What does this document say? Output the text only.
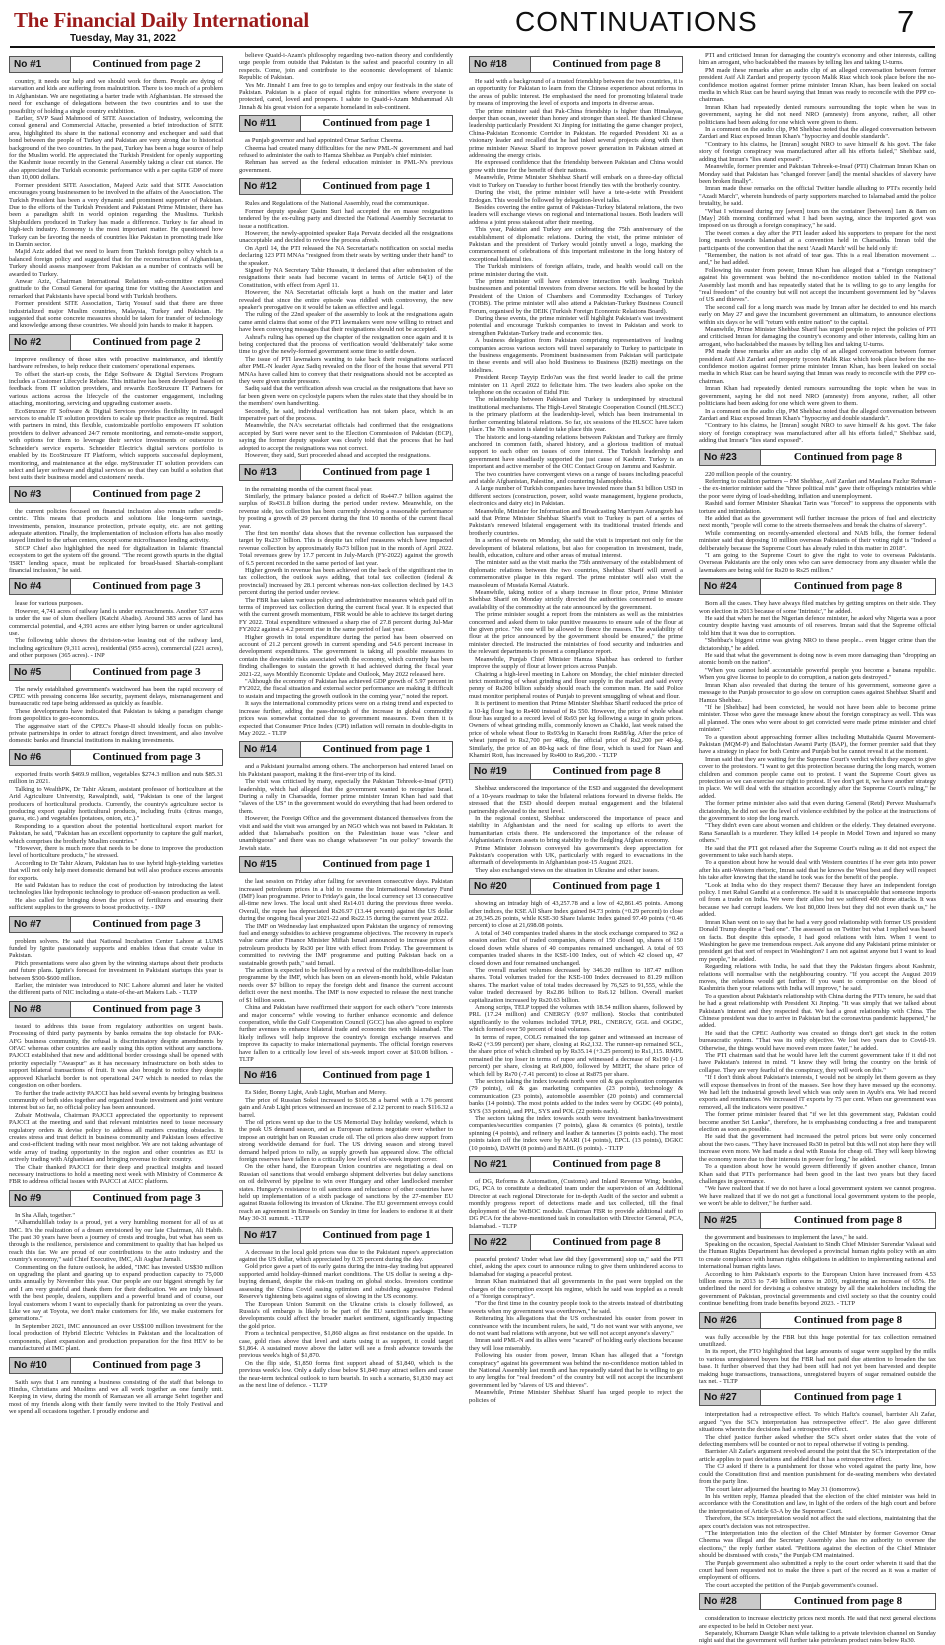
The Financial Daily International
Tuesday, May 31, 2022
CONTINUATIONS	7
No #1	Continued from page 2

country, it needs our help and we should work for them. People are dying of starvation and kids are suffering from malnutrition. There is too much of a problem in Afghanistan. We are negotiating a barter trade with Afghanistan. He stressed the need for exchange of delegations between the two countries and to use the possibility of holding a single country exhibition.

Earlier, SVP Saad Mahmood of SITE Association of Industry, welcoming the consul general and Commercial Attache, presented a brief introduction of SITE area, highlighted its share in the national economy and exchequer and said that bond between the people of Turkey and Pakistan are very strong due to historical background of the two countries. In the past, Turkey has been a huge source of help for the Muslim world. He appreciated the Turkish President for openly supporting the Kashmir issue recently in the General Assembly taking a clear cut stance. He also appreciated the Turkish economic performance with a per capita GDP of more than 10,000 dollars.

Former president SITE Association, Majeed Aziz said that SITE Association encourages young businessmen to be involved in the affairs of the Association. The Turkish President has been a very dynamic and prominent supporter of Pakistan. Due to the efforts of the Turkish President and Pakistani Prime Minister, there has been a paradigm shift in world opinion regarding the Muslims. Turkish Shipbuilders produced in Turkey has made a difference. Turkey is far ahead in high-tech industry. Economy is the most important matter. He questioned how Turkey can be favoring the needs of countries like Pakistan in promoting trade like in Damin sector.

Majid Aziz added that we need to learn from Turkish foreign policy which is a balanced foreign policy and suggested that for the reconstruction of Afghanistan, Turkey should assess manpower from Pakistan as a number of contracts will be awarded to Turkey.

Anwar Aziz, Chairman International Relations sub-committee expressed gratitude to the Consul General for sparing time for visiting the Association and remarked that Pakistanis have special bond with Turkish brothers.

Former president SITE Association, Tariq Yousuf said that there are three industrialized major Muslim countries, Malaysia, Turkey and Pakistan. He suggested that some concrete measures should be taken for transfer of technology and knowledge among these countries. We should join hands to make it happen.

No #2	Continued from page 2

improve resiliency of those sites with proactive maintenance, and identify hardware refreshes, to help reduce their customers' operational expenses.

To offset the start-up costs, the Edge Software & Digital Services Program includes a Customer Lifecycle Rebate. This initiative has been developed based on feedback from IT solution providers, and rewards EcoStruxure IT Partners for various actions across the lifecycle of the customer engagement, including attaching, monitoring, servicing and upgrading customer assets.

EcoStruxure IT Software & Digital Services provides flexibility in managed services to enable IT solution providers to scale up their practice as required. Built with partners in mind, this flexible, customizable portfolio empowers IT solution providers to deliver advanced 24/7 remote monitoring, and remote-onsite support, with options for them to leverage their service investments or outsource to Schneider's service experts. Schneider Electric's digital services portfolio is enabled by its EcoStruxure IT Platform, which supports successful deployment, monitoring, and maintenance at the edge. myStruxuder IT solution providers can select and layer software and digital services so that they can build a solution that best suits their business model and customers' needs.

No #3	Continued from page 2

the current policies focused on financial inclusion also remain rather credit-centric. This means that products and solutions like long-term savings, investments, pension, insurance protection, private equity, etc. are not getting adequate attention. Finally, the implementation of inclusion efforts has also mostly stayed limited to the urban centers, except some microfinance lending activity.

SECP Chief also highlighted the need for digitalization in Islamic financial ecosystem to get the system off the ground. "The recent growth spurts in the digital 'ISRT' lending space, must be replicated for broad-based Shariah-compliant financial inclusion," he said.

No #4	Continued from page 3

lease for various purposes.

However, 4,741 acres of railway land is under encroachments. Another 537 acres is under the use of slum dwellers (Katchi Abadis). Around 383 acres of land has commercial potential, and 4,391 acres are either lying barren or under agricultural use.

The following table shows the division-wise leasing out of the railway land, including agriculture (9,311 acres), residential (955 acres), commercial (221 acres), and other purposes (365 acres). - INP

No #5	Continued from page 3

The newly established government's watchword has been the rapid recovery of CPEC with pressing concerns like security, payment delays, mismanagement and bureaucratic red tape being addressed as quickly as feasible.

These developments have indicated that Pakistan is taking a paradigm change from geopolitics to geo-economics.

The aggressive start of the CPEC's Phase-II should ideally focus on public-private partnerships in order to attract foreign direct investment, and also involve domestic banks and financial institutions in making investments.

No #6	Continued from page 3

exported fruits worth $469.9 million, vegetables $274.3 million and nuts $85.31 million in 2021.

Talking to WealthPK, Dr Tahir Akram, assistant professor of horticulture at the Arid Agriculture University, Rawalpindi, said, "Pakistan is one of the largest producers of horticultural products. Currently, the country's agriculture sector is producing export quality horticultural products, including fruits (citrus mango, guava, etc.) and vegetables (potatoes, onion, etc.)."

Responding to a question about the potential horticultural export market for Pakistan, he said, "Pakistan has an excellent opportunity to capture the gulf market, which comprises the brotherly Muslim countries."

"However, there is much more that needs to be done to improve the production level of horticulture products," he stressed.

According to Dr Tahir Akram, Pakistan has to use hybrid high-yielding varieties that will not only help meet domestic demand but will also produce excess amounts for exports.

He said Pakistan has to reduce the cost of production by introducing the latest technologies like hydroponic technology to produce off-season production as well.

He also called for bringing down the prices of fertilizers and ensuring their sufficient supplies to the growers to boost productivity. - INP

No #7	Continued from page 3

problem solvers. He said that National Incubation Center Lahore at LUMS funded by Ignite passionately supports and enables ideas that create value in Pakistan.

Pitch presentations were also given by the winning startups about their products and future plans. Ignite's forecast for investment in Pakistani startups this year is between $500-$600 million.

Earlier, the minister was introduced to NIC Lahore alumni and later he visited the different parts of NIC including a state-of-the-art Makers Lab. - TLTP

No #8	Continued from page 3

issued to address this issue from regulatory authorities on urgent basis. Processing of third party payments by banks remains the top obstacle for PAK-AFG business community, the refusal is discriminatory despite amendments by OFAC whereas other countries are easily using this option without any sanctions. PAJCCI established that new and additional border crossings shall be opened with priority especially "Awaspur" as it has necessary infrastructure on both sides to support bilateral transactions of fruit. It was also brought to notice they despite approved Kharlachi border is not operational 24/7 which is needed to relax the congestion on other borders.

To further the trade activity PAJCCI has held several events by bringing business community of both sides together and organized trade investment and joint venture interest but so far, no official policy has been announced.

Zubair Motiwala, Chairman PAJCCI appreciated the opportunity to represent PAJCCI at the meeting and said that relevant ministries need to issue necessary regulatory orders & devise policy to address all matters creating obstacles. It creates stress and trust deficit in business community and Pakistan loses effective and cost-efficient trading with near most neighbor. We are not taking advantage of wide array of trading opportunity in the region and other countries as EU is actively trading with Afghanistan and bringing revenue to their country.

The Chair thanked PAJCCI for their deep and practical insights and issued necessary instructions to hold a meeting next week with Ministry of Commerce & FBR to address official issues with PAJCCI at AICC platform.

No #9	Continued from page 3

In Sha Allah, together."

"Alhamdulillah today is a proud, yet a very humbling moment for all of us at IMC. It's the realization of a dream envisioned by our late Chairman, Ali Habib. The past 30 years have been a journey of crests and troughs, but what has seen us through is the resilience, persistence and commitment to quality that has helped us reach this far. We are proud of our contributions to the auto industry and the country's economy," said Chief Executive, IMC, Ali Asghar Jamali.

Commenting on the future outlook, he added, "IMC has invested US$30 million on upgrading the plant and gearing up to expand production capacity to 75,000 units annually by November this year. Our people are our biggest strength by far and I am very grateful and thank them for their dedication. We are truly blessed with the best people, dealers, suppliers and a powerful brand and of course, our loyal customers whom I want to especially thank for patronizing us over the years. Like we say at Toyota, we don't make customers for life, we make customers for generations."

In September 2021, IMC announced an over US$100 million investment for the local production of Hybrid Electric Vehicles in Pakistan and the localization of components, plant expansion and production preparation for the first HEV to be manufactured at IMC plant.

No #10	Continued from page 3

Saith says that I am running a business consisting of the staff that belongs to Hindus, Christians and Muslims and we all work together as one family unit. Keeping in view, during the month of Ramazan we all arrange Sehri together and most of my friends along with their family were invited to the Holy Festival and we spend all occasions together. I proudly endorse and

believe Quaid-i-Azam's philosophy regarding two-nation theory and confidently urge people from outside that Pakistan is the safest and peaceful country in all respects. Come, join and contribute to the economic development of Islamic Republic of Pakistan.

Yes Mr. Jinnah! I am free to go to temples and enjoy our festivals in the state of Pakistan. Pakistan is a place of equal rights for minorities where everyone is protected, cared, loved and prospers. I salute to Quaid-i-Azam Muhammad Ali Jinnah & his great vision for a separate homeland in sub-continent.

No #11	Continued from page 1

as Punjab governor and had appointed Omar Sarfraz Cheema.

Cheema had created many difficulties for the new PML-N government and had refused to administer the oath to Hamza Shehbaz as Punjab's chief minister.

Rehman has served as the federal education minister in PML-N's previous government.

No #12	Continued from page 1

Rules and Regulations of the National Assembly, read the communique.

Former deputy speaker Qasim Suri had accepted the en masse resignations tendered by the ex-ruling party and directed the National Assembly Secretariat to issue a notification.

However, the newly-appointed speaker Raja Pervaiz decided all the resignations unacceptable and decided to review the process afresh.

On April 14, the PTI released the NA Secretariat's notification on social media declaring 123 PTI MNAs "resigned from their seats by writing under their hand" to the speaker.

Signed by NA Secretary Tahir Hussain, it declared that after submission of the resignations their seats had become vacant in terms of Article 64(1) of the Constitution, with effect from April 11.

However, the NA Secretariat officials kept a hush on the matter and later revealed that since the entire episode was riddled with controversy, the new speaker's prerogative on it would be taken as effective and legal.

The ruling of the 22nd speaker of the assembly to look at the resignations again came amid claims that some of the PTI lawmakers were now willing to retract and have been conveying messages that their resignations should not be accepted.

Ashraf's ruling has opened up the chapter of the resignation once again and it is being conjectured that the process of verification would 'deliberately' take some time to give the newly-formed government some time to settle down.

The issue of PTI lawmakers wanting to take back their resignations surfaced after PML-N leader Ayaz Sadiq revealed on the floor of the house that several PTI MNAs have called him to convey that their resignations should not be accepted as they were given under pressure.

Sadiq said that the verification afresh was crucial as the resignations that have so far been given were on cyclostyle papers when the rules state that they should be in the members' own handwriting.

Secondly, he said, individual verification has not taken place, which is an imperative part of the process.

Meanwhile, the NA's secretariat officials had confirmed that the resignations accepted by Suri were never sent to the Election Commission of Pakistan (ECP), saying the former deputy speaker was clearly told that the process that he had adopted to accept the resignations was not correct.

However, they said, Suri proceeded ahead and accepted the resignations.

No #13	Continued from page 1

in the remaining months of the current fiscal year.

Similarly, the primary balance posted a deficit of Rs447.7 billion against the surplus of Rs431.8 billion during the period under review. Meanwhile, on the revenue side, tax collection has been currently showing a reasonable performance by posting a growth of 29 percent during the first 10 months of the current fiscal year.

The first ten months' data shows that the revenue collection has surpassed the target by Rs237 billion. This is despite tax relief measures which have impacted revenue collection by approximately Rs73 billion just in the month of April 2022. Total revenues grew by 17.7 percent in July-March (FY-2022) against the growth of 6.5 percent recorded in the same period of last year.

Higher growth in revenue has been achieved on the back of the significant rise in tax collection, the outlook says adding, that total tax collection (federal & provincial) increased by 28.1 percent whereas non-tax collection declined by 14.3 percent during the period under review.

The FBR has taken various policy and administrative measures which paid off in terms of improved tax collection during the current fiscal year. It is expected that with the current growth momentum, FBR would be able to achieve its target during FY 2022. Total expenditure witnessed a sharp rise of 27.8 percent during Jul-Mar FY2022 against a 4.2 percent rise in the same period of last year.

Higher growth in total expenditure during the period has been observed on account of 21.2 percent growth in current spending and 54.6 percent increase in development expenditures. The government is taking all possible measures to contain the downside risks associated with the economy, which currently has been finding challenges to sustain the growth it had achieved during the fiscal year 2021-22, says Monthly Economic Update and Outlook, May 2022 released here.

"Although the economy of Pakistan has achieved GDP growth of 5.97 percent in FY2022, the fiscal situation and external sector performance are making it difficult to sustain and impacting the growth outlook in the coming year," noted the report.

It says the international commodity prices were on a rising trend and expected to increase further, adding the pass-through of the increase in global commodity prices was somewhat contained due to government measures. Even then it is expected that Consumer Price Index (CPI) inflation will remain in double-digits in May 2022. - TLTP

No #14	Continued from page 1

and a Pakistani journalist among others. The anchorperson had entered Israel on his Pakistani passport, making it the first-ever trip of its kind.

The visit was criticised by many, especially the Pakistan Tehreek-e-Insaf (PTI) leadership, which had alleged that the government wanted to recognise Israel. During a rally in Charsadda, former prime minister Imran Khan had said that "slaves of the US" in the government would do everything that had been ordered to them.

However, the Foreign Office and the government distanced themselves from the visit and said the visit was arranged by an NGO which was not based in Pakistan. It added that Islamabad's position on the Palestinian issue was "clear and unambiguous" and there was no change whatsoever "in our policy" towards the Jewish state.

No #15	Continued from page 1

the last session on Friday after falling for seventeen consecutive days. Pakistan increased petroleum prices in a bid to resume the International Monetary Fund (IMF) loan programme. Prior to Friday's gain, the local currency set 13 consecutive all-time new lows. The local unit shed Rs14.01 during the previous three weeks. Overall, the rupee has depreciated Rs26.97 (13.44 percent) against the US dollar during the ongoing fiscal year 2021-22 and Rs22.15 during the current year 2022.

The IMF on Wednesday last emphasized upon Pakistan the urgency of removing fuel and energy subsidies to achieve programme objectives. The recovery in rupee's value came after Finance Minister Miftah Ismail announced to increase prices of petroleum products by Rs30 per litre with effect from Friday. The government is committed to reviving the IMF programme and putting Pakistan back on a sustainable growth path," said Ismail.

The action is expected to be followed by a revival of the multibillion-dollar loan programme by the IMF, which has been on an eleven-month hold, while Pakistan needs over $7 billion to repay the foreign debt and finance the current account deficit over the next months. The IMF is now expected to release the next tranche of $1 billion soon.

China and Pakistan have reaffirmed their support for each other's "core interests and major concerns" while vowing to further enhance economic and defence cooperation, while the Gulf Cooperation Council (GCC) has also agreed to explore further avenues to enhance bilateral trade and economic ties with Islamabad. The likely inflows will help improve the country's foreign exchange reserves and improve its capacity to make international payments. The official foreign reserves have fallen to a critically low level of six-week import cover at $10.08 billion. - TLTP

No #16	Continued from page 1

Es Sider, Bonny Light, Arab Light, Murban and Merey.

The price of Russian Sokol increased to $105.38 a barrel with a 1.76 percent gain and Arab Light prices witnessed an increase of 2.12 percent to reach $116.32 a barrel.

The oil prices went up due to the US Memorial Day holiday weekend, which is the peak US demand season, and as European nations negotiate over whether to impose an outright ban on Russian crude oil. The oil prices also drew support from strong worldwide demand for fuel. The US driving season and strong travel demand helped prices to rally, as supply growth has appeared slow. The official foreign reserves have fallen to a critically low level of six-week import cover.

On the other hand, the European Union countries are negotiating a deal on Russian oil sanctions that would embargo shipment deliveries but delay sanctions on oil delivered by pipeline to win over Hungary and other landlocked member states. Hungary's resistance to oil sanctions and reluctance of other countries have held up implementation of a sixth package of sanctions by the 27-member EU against Russia following its invasion of Ukraine. The EU government envoys could reach an agreement in Brussels on Sunday in time for leaders to endorse it at their May 30-31 summit. - TLTP

No #17	Continued from page 1

A decrease in the local gold prices was due to the Pakistani rupee's appreciation against the US dollar, which appreciated by 0.35 percent during the day.

Gold price gave a part of its early gains during the intra-day trading but appeared supported amid holiday-thinned market conditions. The US dollar is seeing a dip-buying demand, despite the risk-on trading on global stocks. Investors continue assessing the China Covid easing optimism and subsiding aggressive Federal Reserve's tightening bets against signs of slowing in the US economy.

The European Union Summit on the Ukraine crisis is closely followed, as Russia's oil embargo is likely to be part of the EU sanctions package. These developments could affect the broader market sentiment, significantly impacting the gold price.

From a technical perspective, $1,860 aligns as first resistance on the upside. In case, gold rises above that level and starts using it as support, it could target $1,864. A sustained move above the latter will see a fresh advance towards the previous week's high of $1,870.

On the flip side, $1,850 forms first support ahead of $1,840, which is the previous week's low. Only a daily close below $1,840 may attract sellers and cause the near-term technical outlook to turn bearish. In such a scenario, $1,830 may act as the next line of defence. - TLTP

No #18	Continued from page 8

He said with a background of a trusted friendship between the two countries, it is an opportunity for Pakistan to learn from the Chinese experience about reforms in the areas of public interest. He emphasised the need for promoting bilateral trade by means of improving the level of exports and imports in diverse areas.

The prime minister said that Pak-China friendship is higher than Himalayas, deeper than ocean, sweeter than honey and stronger than steel. He thanked Chinese leadership particularly President Xi Jinping for initiating the game changer project, China-Pakistan Economic Corridor in Pakistan. He regarded President Xi as a visionary leader and recalled that he had inked several projects along with then prime minister Nawaz Sharif to improve power generation in Pakistan aimed at addressing the energy crisis.

He expressed confidence that the friendship between Pakistan and China would grow with time for the benefit of their nations.

Meanwhile, Prime Minister Shehbaz Sharif will embark on a three-day official visit to Turkey on Tuesday to further boost friendly ties with the brotherly country.

During the visit, the prime minister will have a tete-a-tete with President Erdogan. This would be followed by delegation-level talks.

Besides covering the entire gamut of Pakistan-Turkey bilateral relations, the two leaders will exchange views on regional and international issues. Both leaders will address a joint press stakeout after their meeting.

This year, Pakistan and Turkey are celebrating the 75th anniversary of the establishment of diplomatic relations. During the visit, the prime minister of Pakistan and the president of Turkey would jointly unveil a logo, marking the commencement of celebrations of this important milestone in the long history of exceptional bilateral ties.

The Turkish ministers of foreign affairs, trade, and health would call on the prime minister during the visit.

The prime minister will have extensive interaction with leading Turkish businessmen and potential investors from diverse sectors. He will be hosted by the President of the Union of Chambers and Commodity Exchanges of Turkey (TOBB). The prime minister will also attend a Pakistan-Turkey Business Council Forum, organised by the DEIK (Turkish Foreign Economic Relations Board).

During these events, the prime minister will highlight Pakistan's vast investment potential and encourage Turkish companies to invest in Pakistan and work to strengthen Pakistan-Turkey trade and economic ties.

A business delegation from Pakistan comprising representatives of leading companies across various sectors will travel separately to Turkey to participate in the business engagements. Prominent businessmen from Pakistan will participate in these events and will also hold Business to Business (B2B) meetings on the sidelines.

President Recep Tayyip Erdo?an was the first world leader to call the prime minister on 11 April 2022 to felicitate him. The two leaders also spoke on the telephone on the occasion of Eidul Fitr.

The relationship between Pakistan and Turkey is underpinned by structural institutional mechanisms. The High-Level Strategic Cooperation Council (HLSCC) is the primary platform at the leadership-level, which has been instrumental in further cementing bilateral relations. So far, six sessions of the HLSCC have taken place. The 7th session is slated to take place this year.

The historic and long-standing relations between Pakistan and Turkey are firmly anchored in common faith, shared history, and a glorious tradition of mutual support to each other on issues of core interest. The Turkish leadership and government have steadfastly supported the just cause of Kashmir. Turkey is an important and active member of the OIC Contact Group on Jammu and Kashmir.

The two countries have convergent views on a range of issues including peaceful and stable Afghanistan, Palestine, and countering Islamophobia.

A large number of Turkish companies have invested more than $1 billion USD in different sectors (construction, power, solid waste management, hygiene products, electronics and dairy etc) in Pakistan.

Meanwhile, Minister for Information and Broadcasting Marriyum Aurangzeb has said that Prime Minister Shehbaz Sharif's visit to Turkey is part of a series of Pakistan's renewed bilateral engagement with its traditional trusted friends and brotherly countries.

In a series of tweets on Monday, she said the visit is important not only for the development of bilateral relations, but also for cooperation in investment, trade, health, education, culture and other areas of mutual interest.

The minister said as the visit marks the 75th anniversary of the establishment of diplomatic relations between the two countries, Shehbaz Sharif will unveil a commemorative plaque in this regard. The prime minister will also visit the mausoleum of Mustafa Kemal Ataturk.

Meanwhile, taking notice of a sharp increase in flour price, Prime Minister Shehbaz Sharif on Monday strictly directed the authorities concerned to ensure availability of the commodity at the rate announced by the government.

The prime minister sought a report from the ministers as well as the ministries concerned and asked them to take punitive measures to ensure sale of the flour at the given price. "No one will be allowed to fleece the masses. The availability of flour at the price announced by the government should be ensured," the prime minister directed. He instructed the ministries of food security and industries and the relevant departments to present a compliance report.

Meanwhile, Punjab Chief Minister Hamza Shahbaz has ordered to further improve the supply of flour at lower prices across Punjab.

Chairing a high-level meeting in Lahore on Monday, the chief minister directed strict monitoring of wheat grinding and flour supply in the market and said every penny of Rs200 billion subsidy should reach the common man. He said Police must monitor peripheral routes of Punjab to prevent smuggling of wheat and flour.

It is pertinent to mention that Prime Minister Shehbaz Sharif reduced the price of a 10-kg flour bag to Rs400 instead of Rs 550. However, the price of whole wheat flour has surged to a record level of Rs93 per kg following a surge in grain prices. Owners of wheat grinding mills, commonly known as Chakki, last week raised the price of whole wheat flour to Rs93/kg in Karachi from Rs88/kg. After the price of wheat jumped to Rs2,700 per 40kg, the official price of Rs2,200 per 40-kg. Similarly, the price of an 80-kg sack of fine flour, which is used for Naan and Khamiri Roti, has increased by Rs400 to Rs6,200. - TLTP

No #19	Continued from page 8

Shehbaz underscored the importance of the ESD and suggested the development of a 10-years roadmap to take the bilateral relations forward in diverse fields. He stressed that the ESD should deepen mutual engagement and the bilateral partnership elevated to the next level.

In the regional context, Shehbaz underscored the importance of peace and stability in Afghanistan and the need for scaling up efforts to avert the humanitarian crisis there. He underscored the importance of the release of Afghanistan's frozen assets to bring stability to the fledgling Afghan economy.

Prime Minister Johnson conveyed his government's deep appreciation for Pakistan's cooperation with UK, particularly with regard to evacuations in the aftermath of developments in Afghanistan post-15 August 2021.

They also exchanged views on the situation in Ukraine and other issues.

No #20	Continued from page 1

showing an intraday high of 43,257.78 and a low of 42,861.45 points. Among other indices, the KSE All Share Index gained 84.73 points (+0.29 percent) to close at 29,345.26 points, while KSE-30 Share Islamic Index gained 97.49 points (+0.46 percent) to close at 21,698.08 points.

A total of 340 companies traded shares in the stock exchange compared to 362 a session earlier. Out of traded companies, shares of 150 closed up, shares of 150 closed down while shares of 40 companies remained unchanged. A total of 93 companies traded shares in the KSE-100 Index, out of which 42 closed up, 47 closed down and four remained unchanged.

The overall market volumes decreased by 346.20 million to 187.47 million shares. Total volumes traded for the KSE-100 Index decreased to 81.29 million shares. The market value of total trades decreased by 76,525 to 91,555, while the value traded decreased by Rs2.86 billion to Rs6.12 billion. Overall market capitalization increased by Rs20.63 billion.

Among scrips, TELP topped the volumes with 18.54 million shares, followed by PRL (17.24 million) and CNERGY (9.97 million). Stocks that contributed significantly to the volumes included TPLP, PRL, CNERGY, GGL and OGDC, which formed over 50 percent of total volumes.

In terms of rupee, COLG remained the top gainer and witnessed an increase of Rs42 (+3.99 percent) per share, closing at Rs2,132. The runner-up remained SCL, the share price of which climbed up by Rs35.14 (+3.25 percent) to Rs1,115. RMPL remained the top loser in terms of rupee and witnessed a decrease of Rs190 (-1.9 percent) per share, closing at Rs9,800, followed by MEHT, the share price of which fell by Rs70 (-7.41 percent) to close at Rs875 per share.

The sectors taking the index towards north were oil & gas exploration companies (79 points), oil & gas marketing companies (23 points), technology & communication (23 points), automobile assembler (20 points) and commercial banks (14 points). The most points added to the index were by OGDC (49 points), SYS (33 points), and PPL, SYS and POL (22 points each).

The sectors taking the index towards south were investment banks/investment companies/securities companies (7 points), glass & ceramics (6 points), textile spinning (4 points), and refinery and leather & tanneries (3 points each). The most points taken off the index were by MARI (14 points), EPCL (13 points), DGKC (10 points), DAWH (8 points) and BAHL (6 points). - TLTP

No #21	Continued from page 8

of DG, Reforms & Automation, (Customs) and Inland Revenue Wing; besides, DG, PCA to constitute a dedicated team under the supervision of an Additional Director at each regional Directorate for in-depth Audit of the sector and submit a monthly progress report of detections made and tax collected, till the final deployment of the WeBOC module. Chairman FBR to provide additional staff to DG PCA for the above-mentioned task in consultation with Director General, PCA, Islamabad. - TLTP

No #22	Continued from page 8

peaceful protest? Under what law did they [government] stop us," said the PTI chief, asking the apex court to announce ruling to give them unhindered access to Islamabad for staging a peaceful protest.

Imran Khan maintained that all governments in the past were toppled on the charges of the corruption except his regime, which he said was toppled as a result of a "foreign conspiracy".

"For the first time in the country people took to the streets instead of distributing sweets when my government was overthrown," he said.

Reiterating his allegations that the US orchestrated his ouster from power in connivance with the incumbent rulers, he said, "I do not want war with anyone, we do not want bad relations with anyone, but we will not accept anyone's slavery."

Imran said PML-N and its allies were "scared" of holding early elections because they will lose miserably.

Following his ouster from power, Imran Khan has alleged that a "foreign conspiracy" against his government was behind the no-confidence motion tabled in the National Assembly last month and has repeatedly stated that he is willing to go to any lengths for "real freedom" of the country but will not accept the incumbent government led by "slaves of US and thieves".

Meanwhile, Prime Minister Shehbaz Sharif has urged people to reject the policies of

PTI and criticised Imran for damaging the country's economy and other interests, calling him an arrogant, who backstabbed the masses by telling lies and taking U-turns.

PM made these remarks after an audio clip of an alleged conversation between former president Asif Ali Zardari and property tycoon Malik Riaz which took place before the no-confidence motion against former prime minister Imran Khan, has been leaked on social media in which Riaz can be heard saying that Imran was ready to reconcile with the PPP co-chairman.

Imran Khan had repeatedly denied rumours surrounding the topic when he was in government, saying he did not need NRO (amnesty) from anyone, rather, all other politicians had been asking for one which were given to them.

In a comment on the audio clip, PM Shehbaz noted that the alleged conversation between Zardari and Riaz exposed Imran Khan's "hypocrisy and double standards".

"Contrary to his claims, he [Imran] sought NRO to save himself & his govt. The fake story of foreign conspiracy was manufactured after all his efforts failed," Shehbaz said, adding that Imran's "lies stand exposed".

Meanwhile, former premier and Pakistan Tehreek-e-Insaf (PTI) Chairman Imran Khan on Monday said that Pakistan has "changed forever [and] the mental shackles of slavery have been broken finally".

Imran made these remarks on the official Twitter handle alluding to PTI's recently held "Azadi March", wherein hundreds of party supporters marched to Islamabad amid the police brutality, he said.

"What I witnessed during my [seven] tours on the container [between] 1am & 8am on [May] 26th morning confirmed what I had been saying, since the imported govt was imposed on us through a foreign conspiracy," he said.

The tweet comes a day after the PTI leader asked his supporters to prepare for the next long march towards Islamabad at a convention held in Charsadda. Imran told the participants of the convention that the next 'Azadi March' will be held only if:

"Remember, the nation is not afraid of tear gas. This is a real liberation movement ... and," he had added.

Following his ouster from power, Imran Khan has alleged that a "foreign conspiracy" against his government was behind the no-confidence motion tabled in the National Assembly last month and has repeatedly stated that he is willing to go to any lengths for "real freedom" of the country but will not accept the incumbent government led by "slaves of US and thieves".

The second call for a long march was made by Imran after he decided to end his march early on May 27 and gave the incumbent government an ultimatum, to announce elections within six days or he will "return with entire nation" to the capital.

Meanwhile, Prime Minister Shehbaz Sharif has urged people to reject the policies of PTI and criticised Imran for damaging the country's economy and other interests, calling him an arrogant, who backstabbed the masses by telling lies and taking U-turns.

PM made these remarks after an audio clip of an alleged conversation between former president Asif Ali Zardari and property tycoon Malik Riaz which took place before the no-confidence motion against former prime minister Imran Khan, has been leaked on social media in which Riaz can be heard saying that Imran was ready to reconcile with the PPP co-chairman.

Imran Khan had repeatedly denied rumours surrounding the topic when he was in government, saying he did not need NRO (amnesty) from anyone, rather, all other politicians had been asking for one which were given to them.

In a comment on the audio clip, PM Shehbaz noted that the alleged conversation between Zardari and Riaz exposed Imran Khan's "hypocrisy and double standards".

"Contrary to his claims, he [Imran] sought NRO to save himself & his govt. The fake story of foreign conspiracy was manufactured after all his efforts failed," Shehbaz said, adding that Imran's "lies stand exposed".

No #23	Continued from page 8

220 million people of the country.

Referring to coalition partners -- PM Shehbaz, Asif Zardari and Maulana Fazlur Rehman -- the ex-interior minister said the "three political mis" gave their offspring's ministries while the poor were dying of load-shedding, inflation and unemployment.

Rashid said former Minister Shaukat Tarin was "forced" to suppress the opponents with torture and intimidation.

He added that as the government will further increase the prices of fuel and electricity next month, "people will come to the streets themselves and break the chains of slavery".

While commenting on recently-amended electoral and NAB bills, the former federal minister said that deposing 10 million overseas Pakistanis of their voting right is "Indeed a deliberately because the Supreme Court has already ruled in this matter in 2018".

"I am going to the Supreme Court to give the right to vote to overseas Pakistanis. Overseas Pakistanis are the only ones who can save democracy from any disaster while the lawmakers are being sold for Rs20 to Rs25 million."

No #24	Continued from page 8

Born all the cases. They have always filed matches by getting umpires on their side. They won election in 2013 because of some 'Intrinsic'," he added.

He said that when he met the Nigerian defence minister, he asked why Nigeria was a poor country despite having vast amounts of oil reserves. Imran said that the Supreme official told him that it was due to corruption.

"Shehbaz's biggest crime was giving NRO to these people... even bigger crime than the dictatorship," he added.

He said that what the government is doing now is even more damaging than "dropping an atomic bomb on the nation".

"When you cannot hold accountable powerful people you become a banana republic. When you give license to people to do corruption, a nation gets destroyed."

Imran Khan also revealed that during the tenure of his government, someone gave a message to the Punjab prosecutor to go slow on corruption cases against Shehbaz Sharif and Hamza Shehbaz.

"If he [Shehbaz] had been convicted, he would not have been able to become prime minister. Those who gave the message knew about the foreign conspiracy as well. This was all planned. The ones who were about to get convicted were made prime minister and chief minister."

To a question about approaching former allies including Muttahida Qaumi Movement-Pakistan (MQM-P) and Balochistan Awami Party (BAP), the former premier said that they have a strategy in place for both Centre and Punjab but he cannot reveal it at the moment.

Imran said that they are waiting for the Supreme Court's verdict which they expect to give cover to the protestors. "I want to get this protection because during the long march, women children and common people came out to protest. I want the Supreme Court gives us protection so we can exercise our right to protest. If we don't get it, we have another strategy in place. We will deal with the situation accordingly after the Supreme Court's ruling," he added.

The former prime minister also said that even during General (Retd) Pervez Musharraf's dictatorship, he did not see the level of violence exhibited by the police at the instructions of the government to stop the long march.

"They didn't even care about women and children or the elderly. They detained everyone. Rana Sanaullah is a murderer. They killed 14 people in Model Town and injured so many others."

He said that the PTI got relaxed after the Supreme Court's ruling as it did not expect the government to take such harsh steps.

To a question about how he would deal with Western countries if he ever gets into power after his anti-Western rhetoric, Imran said that he knows the West best and they will respect his take after knowing that the stand he took was for the benefit of the people.

"Look at India who do they respect them? Because they have an independent foreign policy. I met Rahul Gandhi at a conference. He said it is unacceptable that someone imports oil from a trader on India. We were their allies but we suffered 400 drone attacks. It was because we had corrupt leaders. We lost 80,000 lives but they did not even thank us," he added.

Imran Khan went on to say that he had a very good relationship with former US president Donald Trump despite a "bad one". The assessed us on Twitter but what I replied was based on facts. But despite this episode, I had good relations with him. When I went to Washington he gave me tremendous respect. Ask anyone did any Pakistani prime minister or president get that sort of respect in Washington? I am not against anyone but I want to lead my people," he added.

Regarding relations with India, he said that they the Pakistan fingers about Kashmir, relations will normalise with the neighbouring country. "If you accept the August 2019 moves, the relations would get further. If you want to compromise on the blood of Kashmiris then your relations with India will improve," he said.

To a question about Pakistan's relationship with China during the PTI's tenure, he said that he had a great relationship with President Xi Jinping. "It was simply that we talked about Pakistan's interest and they respected that. We had a great relationship with China. The Chinese president was due to arrive in Pakistan but the coronavirus pandemic happened," he added.

He said that the CPEC Authority was created so things don't get stuck in the rotten bureaucratic system. "That was its only objective. We lost two years due to Covid-19. Otherwise, the things would have moved even more faster," he added.

The PTI chairman said that he would have left the current government take if it did not have Pakistan's interest in mind. "I know they will bring the country on the brink of collapse. They are very fearful of the conspiracy, they will work on this."

"If I don't think about Pakistan's interests, I would not be simply let them govern as they will expose themselves in front of the masses. See how they have messed up the economy. We had left the industrial growth level which was only seen in Ayub's era. We had record exports and remittances. We increased IT exports by 75 per cent. When our government was removed, all the indicators were positive."

The former prime minister feared that "if we let this government stay, Pakistan could become another Sri Lanka", therefore, he is emphasising conducting a free and transparent election as soon as possible.

He said that the government had increased the petrol prices but were only concerned about the two cases. "They have increased Rs30 in petrol but this will not stop here they will increase even more. We had made a deal with Russia for cheap oil. They will keep blowing the economy more due to their interests in power for long," he added.

To a question about how he would govern differently if given another chance, Imran Khan said that PTI's performance had been good in the last two years but they faced challenges in governance.

"We have realized that if we do not have a local government system we cannot progress. We have realized that if we do not get a functional local government system to the people, we won't be able to deliver," he further said.

No #25	Continued from page 8

the government and businesses to implement the laws," he said.

Speaking on the occasion, Special Assistant to Sindh Chief Minister Surendar Valasai said the Human Rights Department has developed a provincial human rights policy with an aim to create compliance with human rights obligations in addition to implementing national and international human rights laws.

According to him Pakistan's exports to the European Union have increased from 4.53 billion euros in 2013 to 7.49 billion euros in 2019, registering an increase of 65%. He underlined the need for devising a cohesive strategy by all the stakeholders including the government of Pakistan, provincial governments and civil society so that the country could continue benefiting from trade benefits beyond 2023. - TLTP

No #26	Continued from page 8

was fully accessible by the FBR but this huge potential for tax collection remained unutilized.

In its report, the FTO highlighted that large amounts of sugar were supplied by the mills to various unregistered buyers but the FBR had not paid due attention to broaden the tax base. It further observed that they had been still had not yet been harvested and despite making huge transactions, transactions, unregistered buyers of sugar remained outside the tax net. - TLTP

No #27	Continued from page 1

interpretation had a retrospective effect. To which Hafiz's counsel, barrister Ali Zafar, argued "yes the SC's interpretation has retrospective effect". He also gave different situations wherein the decisions had a retrospective effect.

The chief justice further asked whether the SC's short order states that the vote of defecting members will be counted or not to repeal otherwise if voting is pending.

Barrister Ali Zafar's argument revolved around the point that the SC's interpretation of the article applies to past deviations and added that it has a retrospective effect.

The CJ asked if there is a punishment for those who voted against the party line, how could the Constitution first and mention punishment for de-seating members who deviated from the party line.

The court later adjourned the hearing to May 31 (tomorrow).

In his written reply, Hamza pleaded that the election of the chief minister was held in accordance with the Constitution and law, in light of the orders of the high court and before the interpretation of Article 63-A by the Supreme Court.

Therefore, the SC's interpretation would not affect the said elections, maintaining that the apex court's decision was not retrospective.

"The interpretation into the election of the Chief Minister by former Governor Omar Cheema was illegal and the Secretary Assembly also has no authority to oversee the elections," the reply further stated. "Petitions against the election of the Chief Minister should be dismissed with costs," the Punjab CM maintained.

The Punjab government also submitted a reply to the court order wherein it said that the court had been requested not to make the three s part of the record as it was a matter of employment of officers.

The court accepted the petition of the Punjab government's counsel.

No #28	Continued from page 8

consideration to increase electricity prices next month. He said that next general elections are expected to be held in October next year.

Separately, Khurram Dastgir Khan while talking to a private television channel on Sunday night said that the government will further take petroleum product rates below Rs30.
